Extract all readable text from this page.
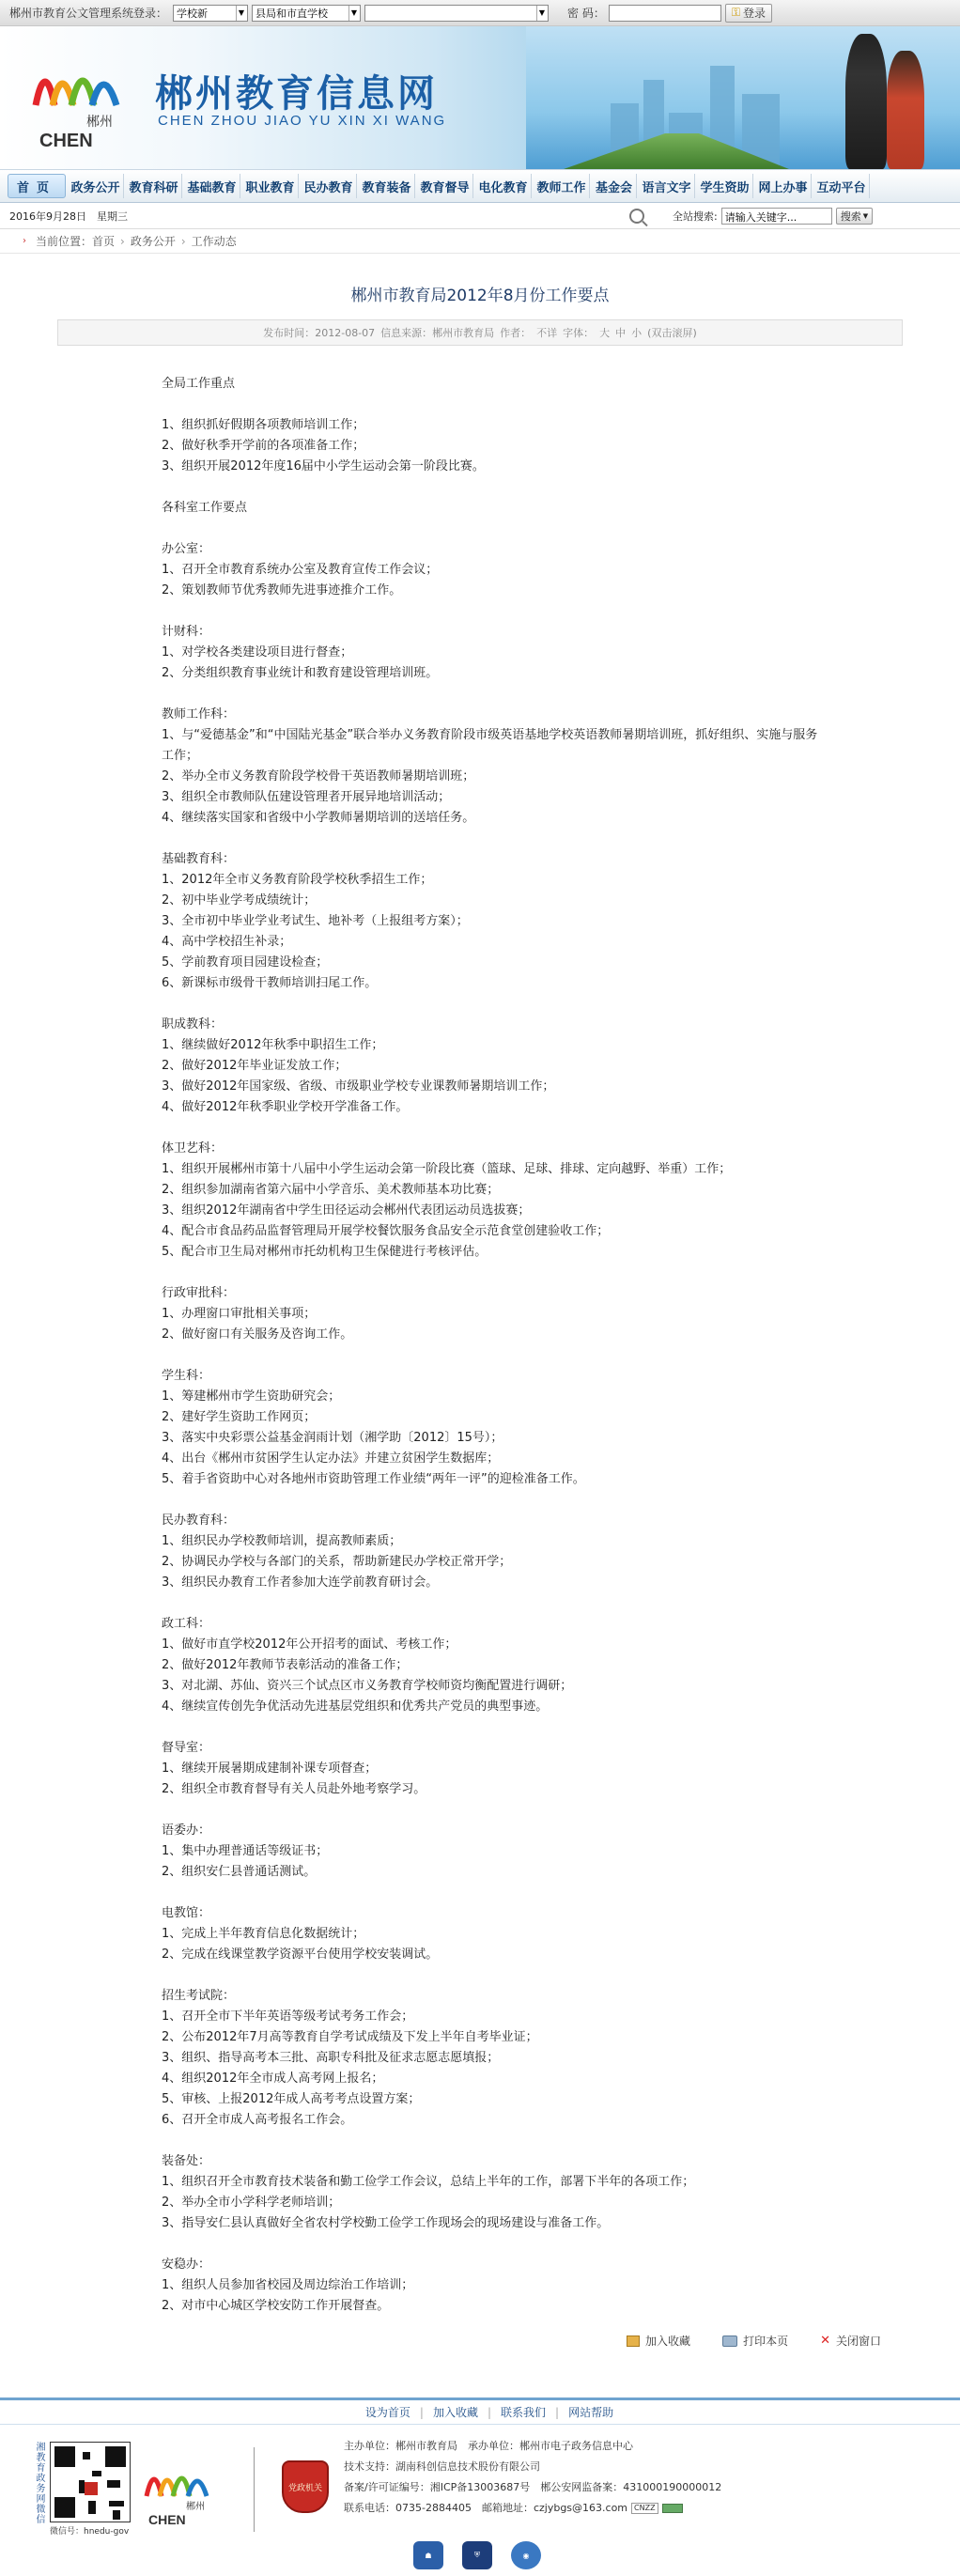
郴州市教育公文管理系统登录： 学校新	▼ 县局和市直学校	▼	▼ 密 码：	⚿ 登录
郴州
CHEN
郴州教育信息网
CHEN ZHOU JIAO YU XIN XI WANG
首页	政务公开 教育科研 基础教育 职业教育 民办教育 教育装备 教育督导 电化教育 教师工作 基金会 语言文字 学生资助 网上办事 互动平台
2016年9月28日　星期三	全站搜索: 请输入关键字...	搜索 ▼
› 当前位置： 首页 › 政务公开 › 工作动态
郴州市教育局2012年8月份工作要点
发布时间：2012-08-07 信息来源：郴州市教育局 作者： 不详 字体： 大 中 小 (双击滚屏)
全局工作重点
1、组织抓好假期各项教师培训工作；
2、做好秋季开学前的各项准备工作；
3、组织开展2012年度16届中小学生运动会第一阶段比赛。
各科室工作要点
办公室：
1、召开全市教育系统办公室及教育宣传工作会议；
2、策划教师节优秀教师先进事迹推介工作。
计财科：
1、对学校各类建设项目进行督查；
2、分类组织教育事业统计和教育建设管理培训班。
教师工作科：
1、与“爱德基金”和“中国陆光基金”联合举办义务教育阶段市级英语基地学校英语教师暑期培训班，抓好组织、实施与服务
工作；
2、举办全市义务教育阶段学校骨干英语教师暑期培训班；
3、组织全市教师队伍建设管理者开展异地培训活动；
4、继续落实国家和省级中小学教师暑期培训的送培任务。
基础教育科：
1、2012年全市义务教育阶段学校秋季招生工作；
2、初中毕业学考成绩统计；
3、全市初中毕业学业考试生、地补考（上报组考方案）；
4、高中学校招生补录；
5、学前教育项目园建设检查；
6、新课标市级骨干教师培训扫尾工作。
职成教科：
1、继续做好2012年秋季中职招生工作；
2、做好2012年毕业证发放工作；
3、做好2012年国家级、省级、市级职业学校专业课教师暑期培训工作；
4、做好2012年秋季职业学校开学准备工作。
体卫艺科：
1、组织开展郴州市第十八届中小学生运动会第一阶段比赛（篮球、足球、排球、定向越野、举重）工作；
2、组织参加湖南省第六届中小学音乐、美术教师基本功比赛；
3、组织2012年湖南省中学生田径运动会郴州代表团运动员选拔赛；
4、配合市食品药品监督管理局开展学校餐饮服务食品安全示范食堂创建验收工作；
5、配合市卫生局对郴州市托幼机构卫生保健进行考核评估。
行政审批科：
1、办理窗口审批相关事项；
2、做好窗口有关服务及咨询工作。
学生科：
1、筹建郴州市学生资助研究会；
2、建好学生资助工作网页；
3、落实中央彩票公益基金润雨计划（湘学助〔2012〕15号）；
4、出台《郴州市贫困学生认定办法》并建立贫困学生数据库；
5、着手省资助中心对各地州市资助管理工作业绩“两年一评”的迎检准备工作。
民办教育科：
1、组织民办学校教师培训，提高教师素质；
2、协调民办学校与各部门的关系，帮助新建民办学校正常开学；
3、组织民办教育工作者参加大连学前教育研讨会。
政工科：
1、做好市直学校2012年公开招考的面试、考核工作；
2、做好2012年教师节表彰活动的准备工作；
3、对北湖、苏仙、资兴三个试点区市义务教育学校师资均衡配置进行调研；
4、继续宣传创先争优活动先进基层党组织和优秀共产党员的典型事迹。
督导室：
1、继续开展暑期成建制补课专项督查；
2、组织全市教育督导有关人员赴外地考察学习。
语委办：
1、集中办理普通话等级证书；
2、组织安仁县普通话测试。
电教馆：
1、完成上半年教育信息化数据统计；
2、完成在线课堂教学资源平台使用学校安装调试。
招生考试院：
1、召开全市下半年英语等级考试考务工作会；
2、公布2012年7月高等教育自学考试成绩及下发上半年自考毕业证；
3、组织、指导高考本三批、高职专科批及征求志愿志愿填报；
4、组织2012年全市成人高考网上报名；
5、审核、上报2012年成人高考考点设置方案；
6、召开全市成人高考报名工作会。
装备处：
1、组织召开全市教育技术装备和勤工俭学工作会议，总结上半年的工作，部署下半年的各项工作；
2、举办全市小学科学老师培训；
3、指导安仁县认真做好全省农村学校勤工俭学工作现场会的现场建设与准备工作。
安稳办：
1、组织人员参加省校园及周边综治工作培训；
2、对市中心城区学校安防工作开展督查。
加入收藏	打印本页	✕ 关闭窗口
设为首页 | 加入收藏 | 联系我们 | 网站帮助
湘教育政务网微信
微信号：hnedu-gov
郴州
CHEN
党政机关
主办单位：郴州市教育局　承办单位：郴州市电子政务信息中心
技术支持：湖南科创信息技术股份有限公司
备案/许可证编号：湘ICP备13003687号　郴公安网监备案：431000190000012
联系电话：0735-2884405　邮箱地址：czjybgs@163.com CNZZ
☗	⛨	◉
